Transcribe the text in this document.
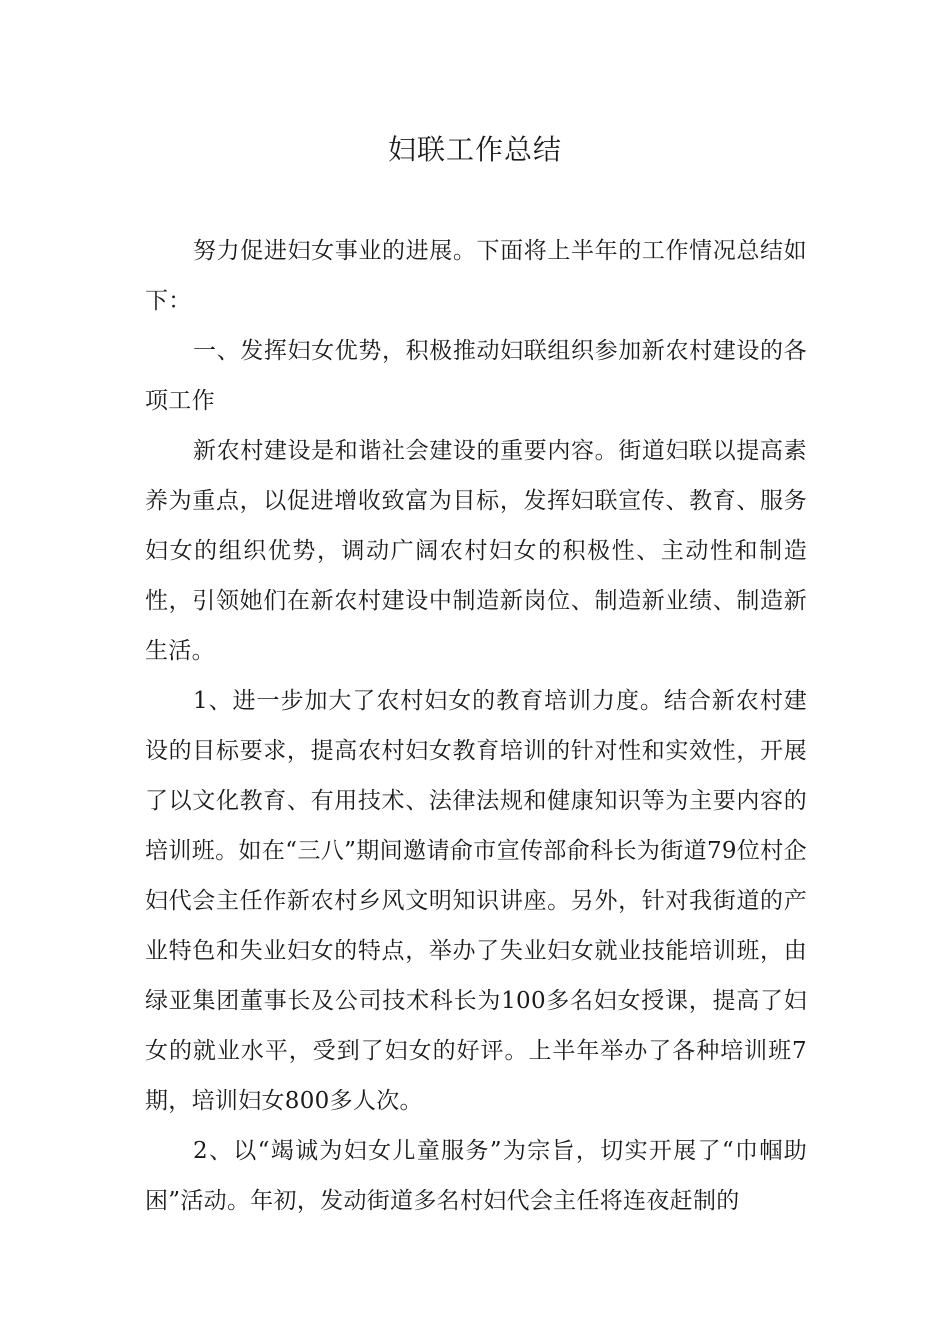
妇联工作总结

努力促进妇女事业的进展。下面将上半年的工作情况总结如下：

一、发挥妇女优势，积极推动妇联组织参加新农村建设的各项工作

新农村建设是和谐社会建设的重要内容。街道妇联以提高素养为重点，以促进增收致富为目标，发挥妇联宣传、教育、服务妇女的组织优势，调动广阔农村妇女的积极性、主动性和制造性，引领她们在新农村建设中制造新岗位、制造新业绩、制造新生活。

1、进一步加大了农村妇女的教育培训力度。结合新农村建设的目标要求，提高农村妇女教育培训的针对性和实效性，开展了以文化教育、有用技术、法律法规和健康知识等为主要内容的培训班。如在“三八”期间邀请俞市宣传部俞科长为街道79位村企妇代会主任作新农村乡风文明知识讲座。另外，针对我街道的产业特色和失业妇女的特点，举办了失业妇女就业技能培训班，由绿亚集团董事长及公司技术科长为100多名妇女授课，提高了妇女的就业水平，受到了妇女的好评。上半年举办了各种培训班7期，培训妇女800多人次。

2、以“竭诚为妇女儿童服务”为宗旨，切实开展了“巾帼助困”活动。年初，发动街道多名村妇代会主任将连夜赶制的
